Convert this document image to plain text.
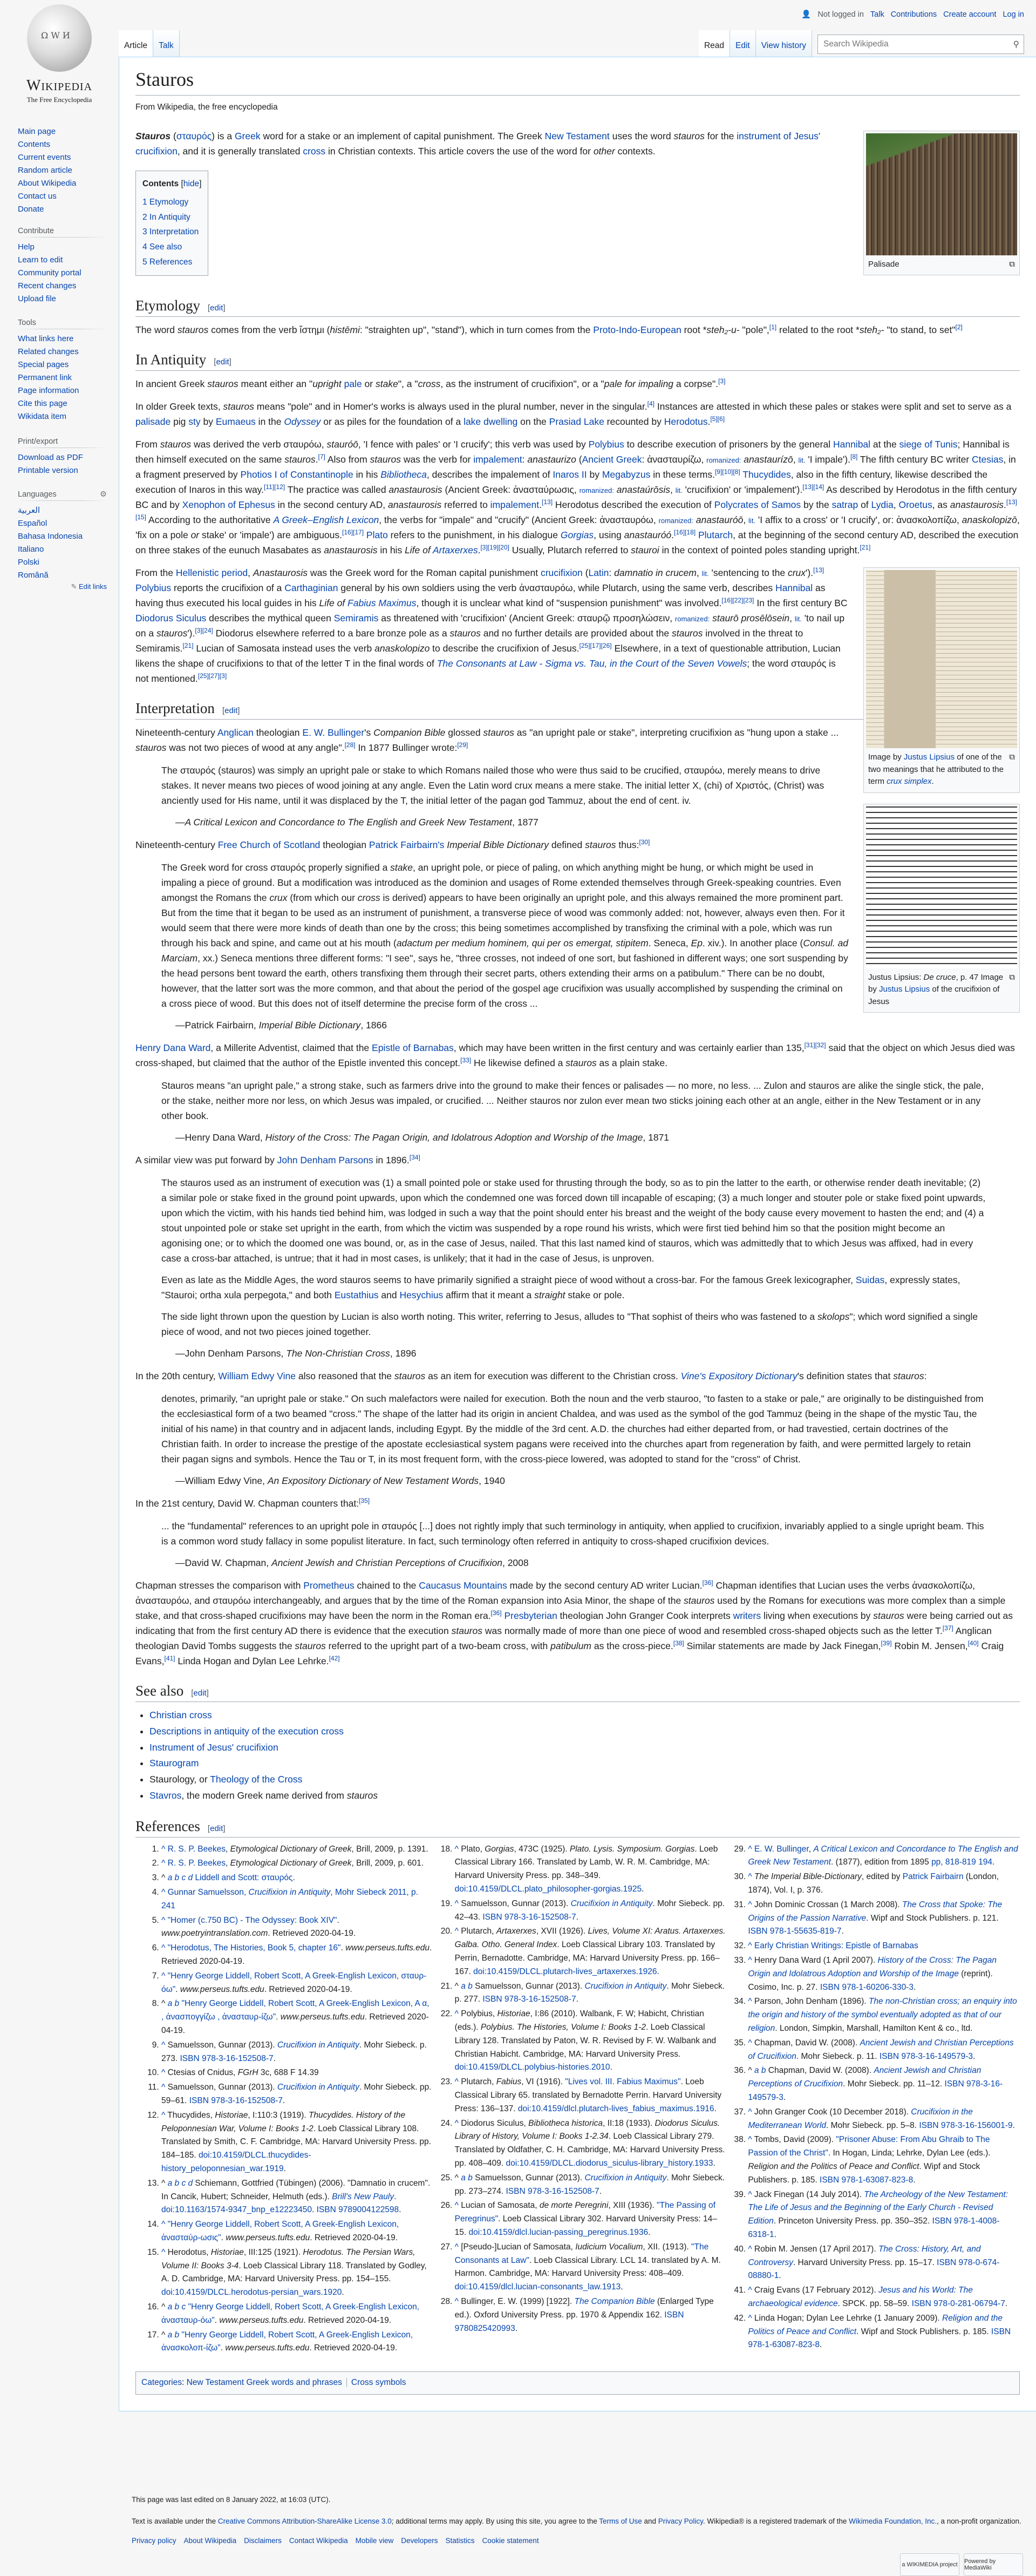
Ω W И
Wikipedia
The Free Encyclopedia
Main page
Contents
Current events
Random article
About Wikipedia
Contact us
Donate
Contribute
Help
Learn to edit
Community portal
Recent changes
Upload file
Tools
What links here
Related changes
Special pages
Permanent link
Page information
Cite this page
Wikidata item
Print/export
Download as PDF
Printable version
Languages	⚙
العربية
Español
Bahasa Indonesia
Italiano
Polski
Română
✎ Edit links
👤 Not logged in Talk Contributions Create account Log in
Article	Talk	Read	Edit	View history
Search Wikipedia	⚲
Stauros
From Wikipedia, the free encyclopedia
Palisade	⧉

Stauros (σταυρός) is a Greek word for a stake or an implement of capital punishment. The Greek New Testament uses the word stauros for the instrument of Jesus' crucifixion, and it is generally translated cross in Christian contexts. This article covers the use of the word for other contexts.

Contents [hide]
1 Etymology
2 In Antiquity
3 Interpretation
4 See also
5 References
Etymology [edit]

The word stauros comes from the verb ἵστημι (histēmi: "straighten up", "stand"), which in turn comes from the Proto-Indo-European root *steh₂-u- "pole",[1] related to the root *steh₂- "to stand, to set"[2]

In Antiquity [edit]

In ancient Greek stauros meant either an "upright pale or stake", a "cross, as the instrument of crucifixion", or a "pale for impaling a corpse".[3]

In older Greek texts, stauros means "pole" and in Homer's works is always used in the plural number, never in the singular.[4] Instances are attested in which these pales or stakes were split and set to serve as a palisade pig sty by Eumaeus in the Odyssey or as piles for the foundation of a lake dwelling on the Prasiad Lake recounted by Herodotus.[5][6]

From stauros was derived the verb σταυρόω, stauróō, 'I fence with pales' or 'I crucify'; this verb was used by Polybius to describe execution of prisoners by the general Hannibal at the siege of Tunis; Hannibal is then himself executed on the same stauros.[7] Also from stauros was the verb for impalement: anastaurizo (Ancient Greek: ἀνασταυρίζω, romanized: anastaurízō, lit. 'I impale').[8] The fifth century BC writer Ctesias, in a fragment preserved by Photios I of Constantinople in his Bibliotheca, describes the impalement of Inaros II by Megabyzus in these terms.[9][10][8] Thucydides, also in the fifth century, likewise described the execution of Inaros in this way.[11][12] The practice was called anastaurosis (Ancient Greek: ἀνασταύρωσις, romanized: anastaúrōsis, lit. 'crucifixion' or 'impalement').[13][14] As described by Herodotus in the fifth century BC and by Xenophon of Ephesus in the second century AD, anastaurosis referred to impalement.[13] Herodotus described the execution of Polycrates of Samos by the satrap of Lydia, Oroetus, as anastaurosis.[13][15] According to the authoritative A Greek–English Lexicon, the verbs for "impale" and "crucify" (Ancient Greek: ἀνασταυρόω, romanized: anastauróō, lit. 'I affix to a cross' or 'I crucify', or: ἀνασκολοπίζω, anaskolopizō, 'fix on a pole or stake' or 'impale') are ambiguous.[16][17] Plato refers to the punishment, in his dialogue Gorgias, using anastauróó.[16][18] Plutarch, at the beginning of the second century AD, described the execution on three stakes of the eunuch Masabates as anastaurosis in his Life of Artaxerxes.[3][19][20] Usually, Plutarch referred to stauroi in the context of pointed poles standing upright.[21]

⧉
Image by Justus Lipsius of one of the two meanings that he attributed to the term crux simplex.
⧉
Justus Lipsius: De cruce, p. 47 Image by Justus Lipsius of the crucifixion of Jesus

From the Hellenistic period, Anastaurosis was the Greek word for the Roman capital punishment crucifixion (Latin: damnatio in crucem, lit. 'sentencing to the crux').[13] Polybius reports the crucifixion of a Carthaginian general by his own soldiers using the verb ἀνασταυρόω, while Plutarch, using the same verb, describes Hannibal as having thus executed his local guides in his Life of Fabius Maximus, though it is unclear what kind of "suspension punishment" was involved.[16][22][23] In the first century BC Diodorus Siculus describes the mythical queen Semiramis as threatened with 'crucifixion' (Ancient Greek: σταυρῷ προσηλώσειν, romanized: staurō prosēlōsein, lit. 'to nail up on a stauros').[3][24] Diodorus elsewhere referred to a bare bronze pole as a stauros and no further details are provided about the stauros involved in the threat to Semiramis.[21] Lucian of Samosata instead uses the verb anaskolopizo to describe the crucifixion of Jesus.[25][17][26] Elsewhere, in a text of questionable attribution, Lucian likens the shape of crucifixions to that of the letter T in the final words of The Consonants at Law - Sigma vs. Tau, in the Court of the Seven Vowels; the word σταυρός is not mentioned.[25][27][3]

Interpretation [edit]

Nineteenth-century Anglican theologian E. W. Bullinger's Companion Bible glossed stauros as "an upright pale or stake", interpreting crucifixion as "hung upon a stake ... stauros was not two pieces of wood at any angle".[28] In 1877 Bullinger wrote:[29]

The σταυρός (stauros) was simply an upright pale or stake to which Romans nailed those who were thus said to be crucified, σταυρόω, merely means to drive stakes. It never means two pieces of wood joining at any angle. Even the Latin word crux means a mere stake. The initial letter X, (chi) of Χριστός, (Christ) was anciently used for His name, until it was displaced by the T, the initial letter of the pagan god Tammuz, about the end of cent. iv.

—A Critical Lexicon and Concordance to The English and Greek New Testament, 1877

Nineteenth-century Free Church of Scotland theologian Patrick Fairbairn's Imperial Bible Dictionary defined stauros thus:[30]

The Greek word for cross σταυρός properly signified a stake, an upright pole, or piece of paling, on which anything might be hung, or which might be used in impaling a piece of ground. But a modification was introduced as the dominion and usages of Rome extended themselves through Greek-speaking countries. Even amongst the Romans the crux (from which our cross is derived) appears to have been originally an upright pole, and this always remained the more prominent part. But from the time that it began to be used as an instrument of punishment, a transverse piece of wood was commonly added: not, however, always even then. For it would seem that there were more kinds of death than one by the cross; this being sometimes accomplished by transfixing the criminal with a pole, which was run through his back and spine, and came out at his mouth (adactum per medium hominem, qui per os emergat, stipitem. Seneca, Ep. xiv.). In another place (Consul. ad Marciam, xx.) Seneca mentions three different forms: "I see", says he, "three crosses, not indeed of one sort, but fashioned in different ways; one sort suspending by the head persons bent toward the earth, others transfixing them through their secret parts, others extending their arms on a patibulum." There can be no doubt, however, that the latter sort was the more common, and that about the period of the gospel age crucifixion was usually accomplished by suspending the criminal on a cross piece of wood. But this does not of itself determine the precise form of the cross ...

—Patrick Fairbairn, Imperial Bible Dictionary, 1866

Henry Dana Ward, a Millerite Adventist, claimed that the Epistle of Barnabas, which may have been written in the first century and was certainly earlier than 135,[31][32] said that the object on which Jesus died was cross-shaped, but claimed that the author of the Epistle invented this concept.[33] He likewise defined a stauros as a plain stake.

Stauros means "an upright pale," a strong stake, such as farmers drive into the ground to make their fences or palisades — no more, no less. ... Zulon and stauros are alike the single stick, the pale, or the stake, neither more nor less, on which Jesus was impaled, or crucified. ... Neither stauros nor zulon ever mean two sticks joining each other at an angle, either in the New Testament or in any other book.

—Henry Dana Ward, History of the Cross: The Pagan Origin, and Idolatrous Adoption and Worship of the Image, 1871

A similar view was put forward by John Denham Parsons in 1896.[34]

The stauros used as an instrument of execution was (1) a small pointed pole or stake used for thrusting through the body, so as to pin the latter to the earth, or otherwise render death inevitable; (2) a similar pole or stake fixed in the ground point upwards, upon which the condemned one was forced down till incapable of escaping; (3) a much longer and stouter pole or stake fixed point upwards, upon which the victim, with his hands tied behind him, was lodged in such a way that the point should enter his breast and the weight of the body cause every movement to hasten the end; and (4) a stout unpointed pole or stake set upright in the earth, from which the victim was suspended by a rope round his wrists, which were first tied behind him so that the position might become an agonising one; or to which the doomed one was bound, or, as in the case of Jesus, nailed. That this last named kind of stauros, which was admittedly that to which Jesus was affixed, had in every case a cross-bar attached, is untrue; that it had in most cases, is unlikely; that it had in the case of Jesus, is unproven.

Even as late as the Middle Ages, the word stauros seems to have primarily signified a straight piece of wood without a cross-bar. For the famous Greek lexicographer, Suidas, expressly states, "Stauroi; ortha xula perpegota," and both Eustathius and Hesychius affirm that it meant a straight stake or pole.

The side light thrown upon the question by Lucian is also worth noting. This writer, referring to Jesus, alludes to "That sophist of theirs who was fastened to a skolops"; which word signified a single piece of wood, and not two pieces joined together.

—John Denham Parsons, The Non-Christian Cross, 1896

In the 20th century, William Edwy Vine also reasoned that the stauros as an item for execution was different to the Christian cross. Vine's Expository Dictionary's definition states that stauros:

denotes, primarily, "an upright pale or stake." On such malefactors were nailed for execution. Both the noun and the verb stauroo, "to fasten to a stake or pale," are originally to be distinguished from the ecclesiastical form of a two beamed "cross." The shape of the latter had its origin in ancient Chaldea, and was used as the symbol of the god Tammuz (being in the shape of the mystic Tau, the initial of his name) in that country and in adjacent lands, including Egypt. By the middle of the 3rd cent. A.D. the churches had either departed from, or had travestied, certain doctrines of the Christian faith. In order to increase the prestige of the apostate ecclesiastical system pagans were received into the churches apart from regeneration by faith, and were permitted largely to retain their pagan signs and symbols. Hence the Tau or T, in its most frequent form, with the cross-piece lowered, was adopted to stand for the "cross" of Christ.

—William Edwy Vine, An Expository Dictionary of New Testament Words, 1940

In the 21st century, David W. Chapman counters that:[35]

... the "fundamental" references to an upright pole in σταυρός [...] does not rightly imply that such terminology in antiquity, when applied to crucifixion, invariably applied to a single upright beam. This is a common word study fallacy in some populist literature. In fact, such terminology often referred in antiquity to cross-shaped crucifixion devices.

—David W. Chapman, Ancient Jewish and Christian Perceptions of Crucifixion, 2008

Chapman stresses the comparison with Prometheus chained to the Caucasus Mountains made by the second century AD writer Lucian.[36] Chapman identifies that Lucian uses the verbs ἀνασκολοπίζω, ἀνασταυρόω, and σταυρόω interchangeably, and argues that by the time of the Roman expansion into Asia Minor, the shape of the stauros used by the Romans for executions was more complex than a simple stake, and that cross-shaped crucifixions may have been the norm in the Roman era.[36] Presbyterian theologian John Granger Cook interprets writers living when executions by stauros were being carried out as indicating that from the first century AD there is evidence that the execution stauros was normally made of more than one piece of wood and resembled cross-shaped objects such as the letter T.[37] Anglican theologian David Tombs suggests the stauros referred to the upright part of a two-beam cross, with patibulum as the cross-piece.[38] Similar statements are made by Jack Finegan,[39] Robin M. Jensen,[40] Craig Evans,[41] Linda Hogan and Dylan Lee Lehrke.[42]

See also [edit]
• Christian cross
• Descriptions in antiquity of the execution cross
• Instrument of Jesus' crucifixion
• Staurogram
• Staurology, or Theology of the Cross
• Stavros, the modern Greek name derived from stauros
References [edit]
1. ^ R. S. P. Beekes, Etymological Dictionary of Greek, Brill, 2009, p. 1391.
2. ^ R. S. P. Beekes, Etymological Dictionary of Greek, Brill, 2009, p. 601.
3. ^ a b c d Liddell and Scott: σταυρός.
4. ^ Gunnar Samuelsson, Crucifixion in Antiquity, Mohr Siebeck 2011, p. 241
5. ^ "Homer (c.750 BC) - The Odyssey: Book XIV". www.poetryintranslation.com. Retrieved 2020-04-19.
6. ^ "Herodotus, The Histories, Book 5, chapter 16". www.perseus.tufts.edu. Retrieved 2020-04-19.
7. ^ "Henry George Liddell, Robert Scott, A Greek-English Lexicon, σταυρ-όω". www.perseus.tufts.edu. Retrieved 2020-04-19.
8. ^ a b "Henry George Liddell, Robert Scott, A Greek-English Lexicon, A α, , ἀνασπογγίζω , ἀνασταυρ-ίζω". www.perseus.tufts.edu. Retrieved 2020-04-19.
9. ^ Samuelsson, Gunnar (2013). Crucifixion in Antiquity. Mohr Siebeck. p. 273. ISBN 978-3-16-152508-7.
10. ^ Ctesias of Cnidus, FGrH 3c, 688 F 14.39
11. ^ Samuelsson, Gunnar (2013). Crucifixion in Antiquity. Mohr Siebeck. pp. 59–61. ISBN 978-3-16-152508-7.
12. ^ Thucydides, Historiae, I:110:3 (1919). Thucydides. History of the Peloponnesian War, Volume I: Books 1-2. Loeb Classical Library 108. Translated by Smith, C. F. Cambridge, MA: Harvard University Press. pp. 184–185. doi:10.4159/DLCL.thucydides-history_peloponnesian_war.1919.
13. ^ a b c d Schiemann, Gottfried (Tübingen) (2006). "Damnatio in crucem". In Cancik, Hubert; Schneider, Helmuth (eds.). Brill's New Pauly. doi:10.1163/1574-9347_bnp_e12223450. ISBN 9789004122598.
14. ^ "Henry George Liddell, Robert Scott, A Greek-English Lexicon, ἀνασταύρ-ωσις". www.perseus.tufts.edu. Retrieved 2020-04-19.
15. ^ Herodotus, Historiae, III:125 (1921). Herodotus. The Persian Wars, Volume II: Books 3-4. Loeb Classical Library 118. Translated by Godley, A. D. Cambridge, MA: Harvard University Press. pp. 154–155. doi:10.4159/DLCL.herodotus-persian_wars.1920.
16. ^ a b c "Henry George Liddell, Robert Scott, A Greek-English Lexicon, ἀνασταυρ-όω". www.perseus.tufts.edu. Retrieved 2020-04-19.
17. ^ a b "Henry George Liddell, Robert Scott, A Greek-English Lexicon, ἀνασκολοπ-ίζω". www.perseus.tufts.edu. Retrieved 2020-04-19.
18. ^ Plato, Gorgias, 473C (1925). Plato. Lysis. Symposium. Gorgias. Loeb Classical Library 166. Translated by Lamb, W. R. M. Cambridge, MA: Harvard University Press. pp. 348–349. doi:10.4159/DLCL.plato_philosopher-gorgias.1925.
19. ^ Samuelsson, Gunnar (2013). Crucifixion in Antiquity. Mohr Siebeck. pp. 42–43. ISBN 978-3-16-152508-7.
20. ^ Plutarch, Artaxerxes, XVII (1926). Lives, Volume XI: Aratus. Artaxerxes. Galba. Otho. General Index. Loeb Classical Library 103. Translated by Perrin, Bernadotte. Cambridge, MA: Harvard University Press. pp. 166–167. doi:10.4159/DLCL.plutarch-lives_artaxerxes.1926.
21. ^ a b Samuelsson, Gunnar (2013). Crucifixion in Antiquity. Mohr Siebeck. p. 277. ISBN 978-3-16-152508-7.
22. ^ Polybius, Historiae, I:86 (2010). Walbank, F. W; Habicht, Christian (eds.). Polybius. The Histories, Volume I: Books 1-2. Loeb Classical Library 128. Translated by Paton, W. R. Revised by F. W. Walbank and Christian Habicht. Cambridge, MA: Harvard University Press. doi:10.4159/DLCL.polybius-histories.2010.
23. ^ Plutarch, Fabius, VI (1916). "Lives vol. III. Fabius Maximus". Loeb Classical Library 65. translated by Bernadotte Perrin. Harvard University Press: 136–137. doi:10.4159/dlcl.plutarch-lives_fabius_maximus.1916.
24. ^ Diodorus Siculus, Bibliotheca historica, II:18 (1933). Diodorus Siculus. Library of History, Volume I: Books 1-2.34. Loeb Classical Library 279. Translated by Oldfather, C. H. Cambridge, MA: Harvard University Press. pp. 408–409. doi:10.4159/DLCL.diodorus_siculus-library_history.1933.
25. ^ a b Samuelsson, Gunnar (2013). Crucifixion in Antiquity. Mohr Siebeck. pp. 273–274. ISBN 978-3-16-152508-7.
26. ^ Lucian of Samosata, de morte Peregrini, XIII (1936). "The Passing of Peregrinus". Loeb Classical Library 302. Harvard University Press: 14–15. doi:10.4159/dlcl.lucian-passing_peregrinus.1936.
27. ^ [Pseudo-]Lucian of Samosata, Iudicium Vocalium, XII. (1913). "The Consonants at Law". Loeb Classical Library. LCL 14. translated by A. M. Harmon. Cambridge, MA: Harvard University Press: 408–409. doi:10.4159/dlcl.lucian-consonants_law.1913.
28. ^ Bullinger, E. W. (1999) [1922]. The Companion Bible (Enlarged Type ed.). Oxford University Press. pp. 1970 & Appendix 162. ISBN 9780825420993.
29. ^ E. W. Bullinger, A Critical Lexicon and Concordance to The English and Greek New Testament. (1877), edition from 1895 pp, 818-819 194.
30. ^ The Imperial Bible-Dictionary, edited by Patrick Fairbairn (London, 1874), Vol. I, p. 376.
31. ^ John Dominic Crossan (1 March 2008). The Cross that Spoke: The Origins of the Passion Narrative. Wipf and Stock Publishers. p. 121. ISBN 978-1-55635-819-7.
32. ^ Early Christian Writings: Epistle of Barnabas
33. ^ Henry Dana Ward (1 April 2007). History of the Cross: The Pagan Origin and Idolatrous Adoption and Worship of the Image (reprint). Cosimo, Inc. p. 27. ISBN 978-1-60206-330-3.
34. ^ Parson, John Denham (1896). The non-Christian cross; an enquiry into the origin and history of the symbol eventually adopted as that of our religion. London, Simpkin, Marshall, Hamilton Kent & co., ltd.
35. ^ Chapman, David W. (2008). Ancient Jewish and Christian Perceptions of Crucifixion. Mohr Siebeck. p. 11. ISBN 978-3-16-149579-3.
36. ^ a b Chapman, David W. (2008). Ancient Jewish and Christian Perceptions of Crucifixion. Mohr Siebeck. pp. 11–12. ISBN 978-3-16-149579-3.
37. ^ John Granger Cook (10 December 2018). Crucifixion in the Mediterranean World. Mohr Siebeck. pp. 5–8. ISBN 978-3-16-156001-9.
38. ^ Tombs, David (2009). "Prisoner Abuse: From Abu Ghraib to The Passion of the Christ". In Hogan, Linda; Lehrke, Dylan Lee (eds.). Religion and the Politics of Peace and Conflict. Wipf and Stock Publishers. p. 185. ISBN 978-1-63087-823-8.
39. ^ Jack Finegan (14 July 2014). The Archeology of the New Testament: The Life of Jesus and the Beginning of the Early Church - Revised Edition. Princeton University Press. pp. 350–352. ISBN 978-1-4008-6318-1.
40. ^ Robin M. Jensen (17 April 2017). The Cross: History, Art, and Controversy. Harvard University Press. pp. 15–17. ISBN 978-0-674-08880-1.
41. ^ Craig Evans (17 February 2012). Jesus and his World: The archaeological evidence. SPCK. pp. 58–59. ISBN 978-0-281-06794-7.
42. ^ Linda Hogan; Dylan Lee Lehrke (1 January 2009). Religion and the Politics of Peace and Conflict. Wipf and Stock Publishers. p. 185. ISBN 978-1-63087-823-8.
Categories: New Testament Greek words and phrases Cross symbols

This page was last edited on 8 January 2022, at 16:03 (UTC).

Text is available under the Creative Commons Attribution-ShareAlike License 3.0; additional terms may apply. By using this site, you agree to the Terms of Use and Privacy Policy. Wikipedia® is a registered trademark of the Wikimedia Foundation, Inc., a non-profit organization.

Privacy policy About Wikipedia Disclaimers Contact Wikipedia Mobile view Developers Statistics Cookie statement
a WIKIMEDIA project	Powered by MediaWiki
